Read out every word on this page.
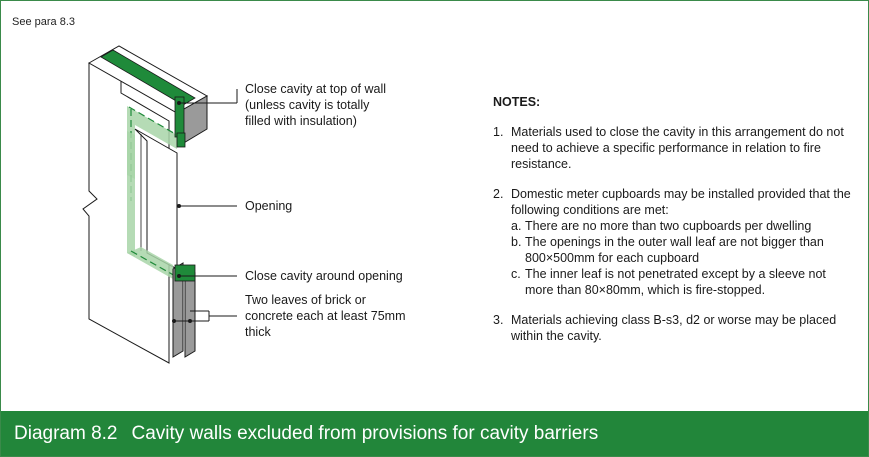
See para 8.3
Close cavity at top of wall
(unless cavity is totally
filled with insulation)
Opening
Close cavity around opening
Two leaves of brick or
concrete each at least 75mm
thick
NOTES:
1. Materials used to close the cavity in this arrangement do not need to achieve a specific performance in relation to fire resistance.
2. Domestic meter cupboards may be installed provided that the following conditions are met:
a. There are no more than two cupboards per dwelling
b. The openings in the outer wall leaf are not bigger than 800×500mm for each cupboard
c. The inner leaf is not penetrated except by a sleeve not more than 80×80mm, which is fire-stopped.
3. Materials achieving class B-s3, d2 or worse may be placed within the cavity.
Diagram 8.2 Cavity walls excluded from provisions for cavity barriers
